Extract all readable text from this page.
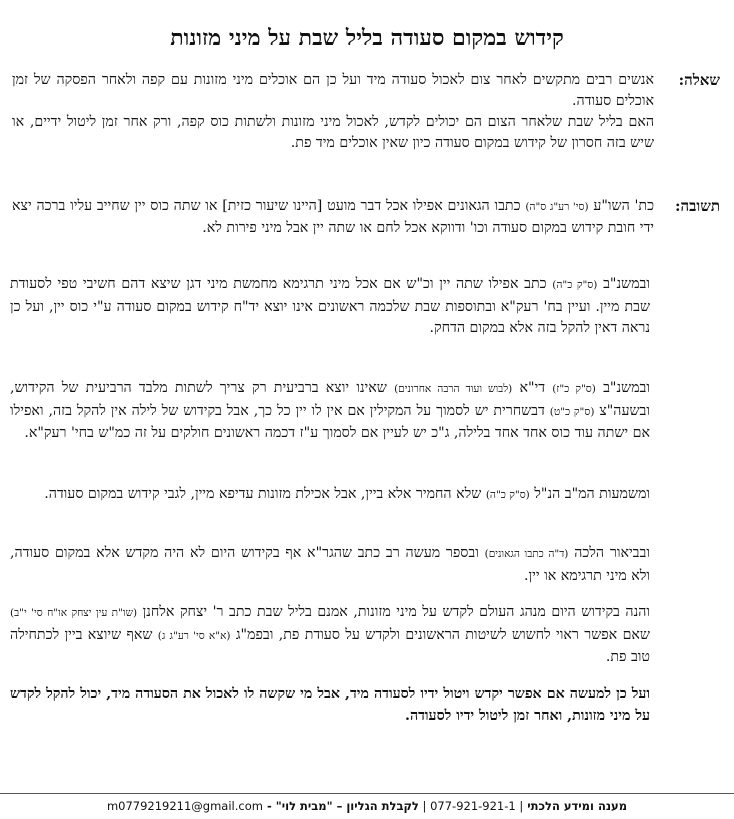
קידוש במקום סעודה בליל שבת על מיני מזונות
שאלה:

אנשים רבים מתקשים לאחר צום לאכול סעודה מיד ועל כן הם אוכלים מיני מזונות עם קפה ולאחר הפסקה של זמן אוכלים סעודה.

האם בליל שבת שלאחר הצום הם יכולים לקדש, לאכול מיני מזונות ולשתות כוס קפה, ורק אחר זמן ליטול ידיים, או שיש בזה חסרון של קידוש במקום סעודה כיון שאין אוכלים מיד פת.

תשובה:

כת' השו"ע (סי' רע"ג ס"ה) כתבו הגאונים אפילו אכל דבר מועט [היינו שיעור כזית] או שתה כוס יין שחייב עליו ברכה יצא ידי חובת קידוש במקום סעודה וכו' ודווקא אכל לחם או שתה יין אבל מיני פירות לא.

ובמשנ"ב (ס"ק כ"ה) כתב אפילו שתה יין וכ"ש אם אכל מיני תרגימא מחמשת מיני דגן שיצא דהם חשיבי טפי לסעודת שבת מיין. ועיין בח' רעק"א ובתוספות שבת שלכמה ראשונים אינו יוצא יד"ח קידוש במקום סעודה ע"י כוס יין, ועל כן נראה דאין להקל בזה אלא במקום הדחק.

ובמשנ"ב (ס"ק כ"ז) די"א (לבוש ועוד הרבה אחרונים) שאינו יוצא ברביעית רק צריך לשתות מלבד הרביעית של הקידוש, ובשעה"צ (ס"ק כ"ט) דבשחרית יש לסמוך על המקילין אם אין לו יין כל כך, אבל בקידוש של לילה אין להקל בזה, ואפילו אם ישתה עוד כוס אחד אחד בלילה, ג"כ יש לעיין אם לסמוך ע"ז דכמה ראשונים חולקים על זה כמ"ש בחי' רעק"א.

ומשמעות המ"ב הנ"ל (ס"ק כ"ה) שלא החמיר אלא ביין, אבל אכילת מזונות עדיפא מיין, לגבי קידוש במקום סעודה.

ובביאור הלכה (ד"ה כתבו הגאונים) ובספר מעשה רב כתב שהגר"א אף בקידוש היום לא היה מקדש אלא במקום סעודה, ולא מיני תרגימא או יין.

והנה בקידוש היום מנהג העולם לקדש על מיני מזונות, אמנם בליל שבת כתב ר' יצחק אלחנן (שו"ת עין יצחק או"ח סי' י"ב) שאם אפשר ראוי לחשוש לשיטות הראשונים ולקדש על סעודת פת, ובפמ"ג (א"א סי' רע"ג ג) שאף שיוצא ביין לכתחילה טוב פת.

ועל כן למעשה אם אפשר יקדש ויטול ידיו לסעודה מיד, אבל מי שקשה לו לאכול את הסעודה מיד, יכול להקל לקדש על מיני מזונות, ואחר זמן ליטול ידיו לסעודה.

מענה ומידע הלכתי | 077-921-921-1 | לקבלת הגליון – "מבית לוי" - m0779219211@gmail.com
